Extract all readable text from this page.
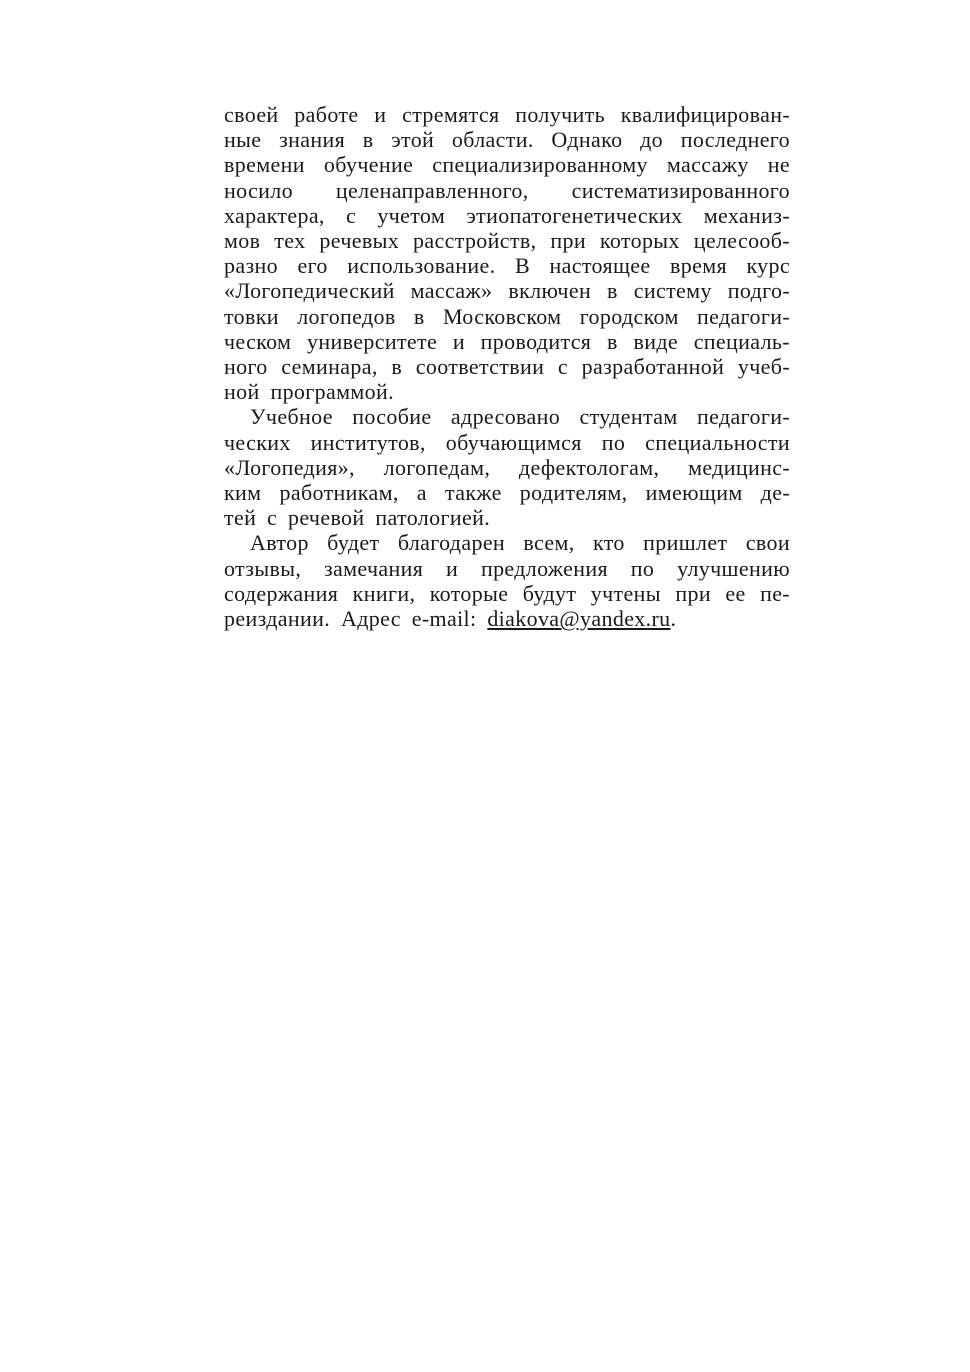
своей работе и стремятся получить квалифицирован-
ные знания в этой области. Однако до последнего
времени обучение специализированному массажу не
носило целенаправленного, систематизированного
характера, с учетом этиопатогенетических механиз-
мов тех речевых расстройств, при которых целесооб-
разно его использование. В настоящее время курс
«Логопедический массаж» включен в систему подго-
товки логопедов в Московском городском педагоги-
ческом университете и проводится в виде специаль-
ного семинара, в соответствии с разработанной учеб-
ной программой.
Учебное пособие адресовано студентам педагоги-
ческих институтов, обучающимся по специальности
«Логопедия», логопедам, дефектологам, медицинс-
ким работникам, а также родителям, имеющим де-
тей с речевой патологией.
Автор будет благодарен всем, кто пришлет свои
отзывы, замечания и предложения по улучшению
содержания книги, которые будут учтены при ее пе-
реиздании. Адрес e-mail: diakova@yandex.ru.
